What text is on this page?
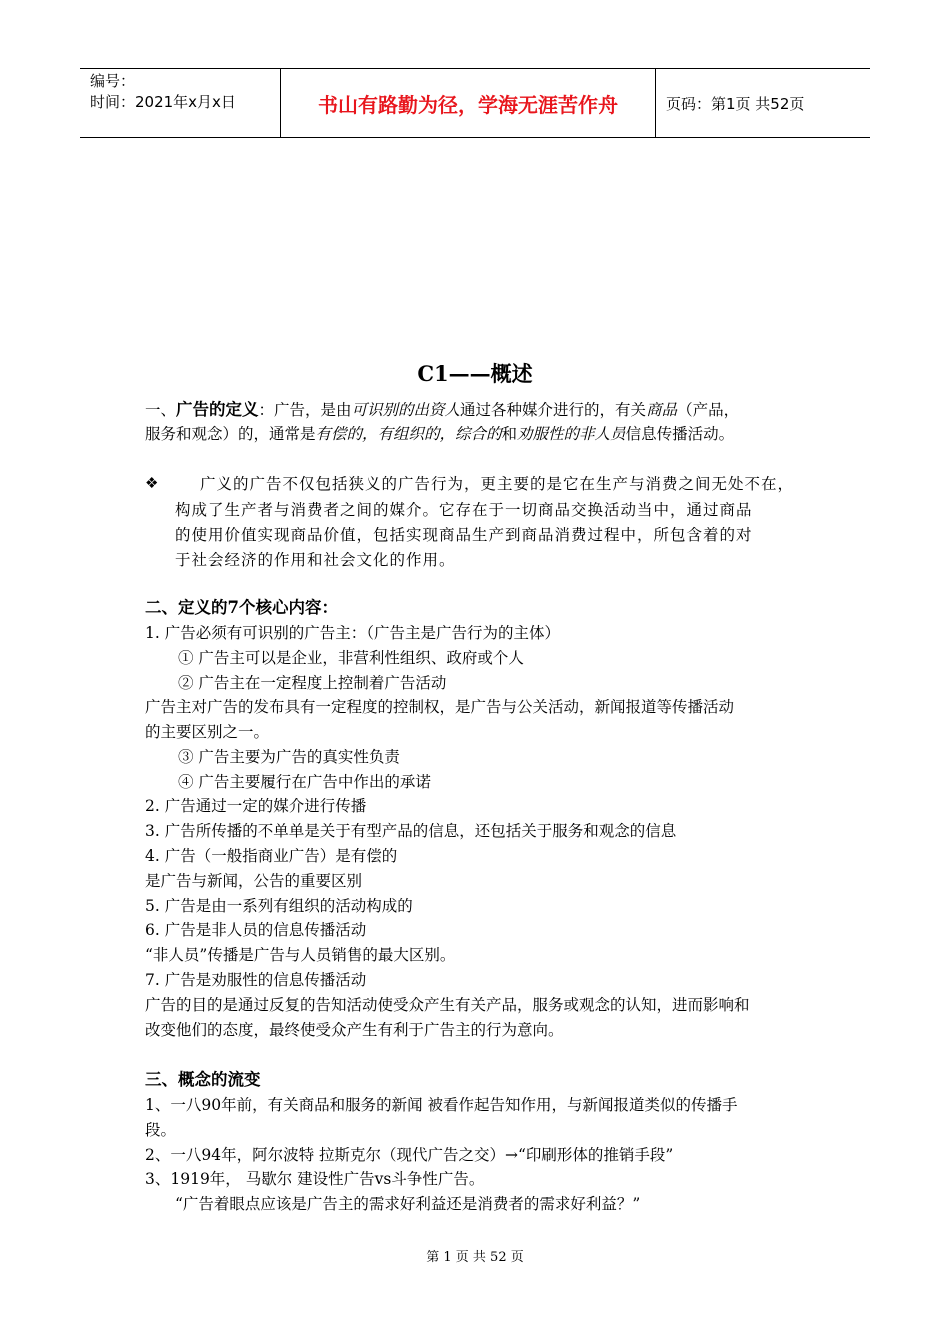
编号：
时间：2021年x月x日	书山有路勤为径，学海无涯苦作舟	页码：第1页 共52页
C1——概述
一、广告的定义：广告，是由可识别的出资人通过各种媒介进行的，有关商品（产品，
服务和观念）的，通常是有偿的，有组织的，综合的和劝服性的非人员信息传播活动。
❖	广义的广告不仅包括狭义的广告行为，更主要的是它在生产与消费之间无处不在，
构成了生产者与消费者之间的媒介。它存在于一切商品交换活动当中，通过商品
的使用价值实现商品价值，包括实现商品生产到商品消费过程中，所包含着的对
于社会经济的作用和社会文化的作用。
二、定义的7个核心内容：
1. 广告必须有可识别的广告主：（广告主是广告行为的主体）
① 广告主可以是企业，非营利性组织、政府或个人
② 广告主在一定程度上控制着广告活动
广告主对广告的发布具有一定程度的控制权，是广告与公关活动，新闻报道等传播活动
的主要区别之一。
③ 广告主要为广告的真实性负责
④ 广告主要履行在广告中作出的承诺
2. 广告通过一定的媒介进行传播
3. 广告所传播的不单单是关于有型产品的信息，还包括关于服务和观念的信息
4. 广告（一般指商业广告）是有偿的
是广告与新闻，公告的重要区别
5. 广告是由一系列有组织的活动构成的
6. 广告是非人员的信息传播活动
“非人员”传播是广告与人员销售的最大区别。
7. 广告是劝服性的信息传播活动
广告的目的是通过反复的告知活动使受众产生有关产品，服务或观念的认知，进而影响和
改变他们的态度，最终使受众产生有利于广告主的行为意向。
三、概念的流变
1、一八90年前，有关商品和服务的新闻 被看作起告知作用，与新闻报道类似的传播手
段。
2、一八94年，阿尔波特 拉斯克尔（现代广告之交）→“印刷形体的推销手段”
3、1919年， 马歇尔 建设性广告vs斗争性广告。
“广告着眼点应该是广告主的需求好利益还是消费者的需求好利益？”
第 1 页 共 52 页
